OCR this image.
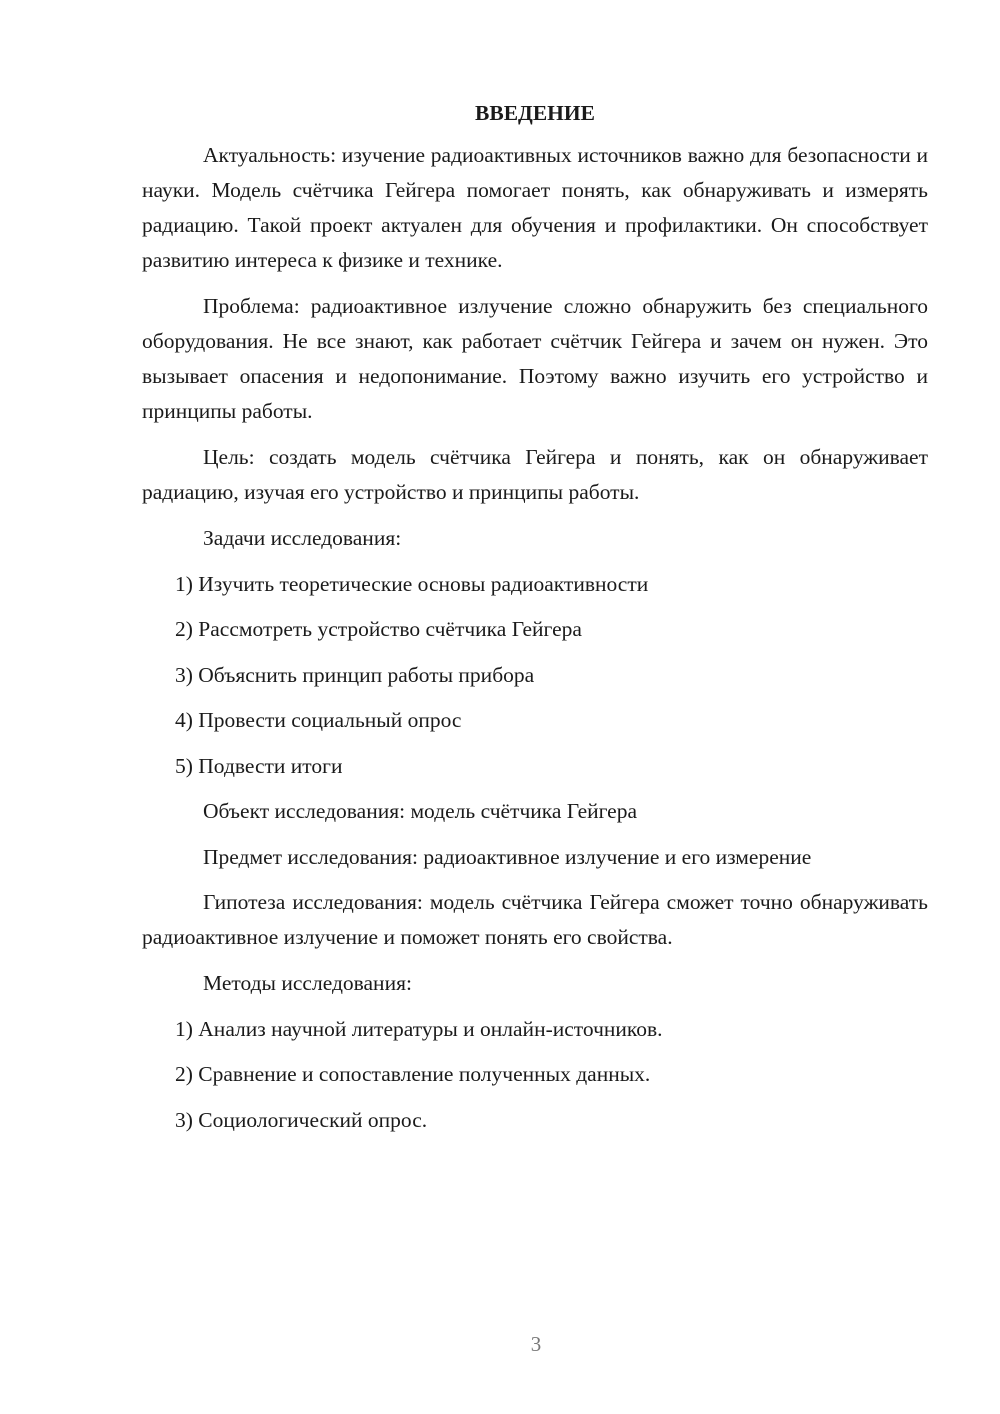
ВВЕДЕНИЕ
Актуальность: изучение радиоактивных источников важно для безопасности и науки. Модель счётчика Гейгера помогает понять, как обнаруживать и измерять радиацию. Такой проект актуален для обучения и профилактики. Он способствует развитию интереса к физике и технике.
Проблема: радиоактивное излучение сложно обнаружить без специального оборудования. Не все знают, как работает счётчик Гейгера и зачем он нужен. Это вызывает опасения и недопонимание. Поэтому важно изучить его устройство и принципы работы.
Цель: создать модель счётчика Гейгера и понять, как он обнаруживает радиацию, изучая его устройство и принципы работы.
Задачи исследования:
1) Изучить теоретические основы радиоактивности
2) Рассмотреть устройство счётчика Гейгера
3) Объяснить принцип работы прибора
4) Провести социальный опрос
5) Подвести итоги
Объект исследования: модель счётчика Гейгера
Предмет исследования: радиоактивное излучение и его измерение
Гипотеза исследования: модель счётчика Гейгера сможет точно обнаруживать радиоактивное излучение и поможет понять его свойства.
Методы исследования:
1) Анализ научной литературы и онлайн-источников.
2) Сравнение и сопоставление полученных данных.
3) Социологический опрос.
3
